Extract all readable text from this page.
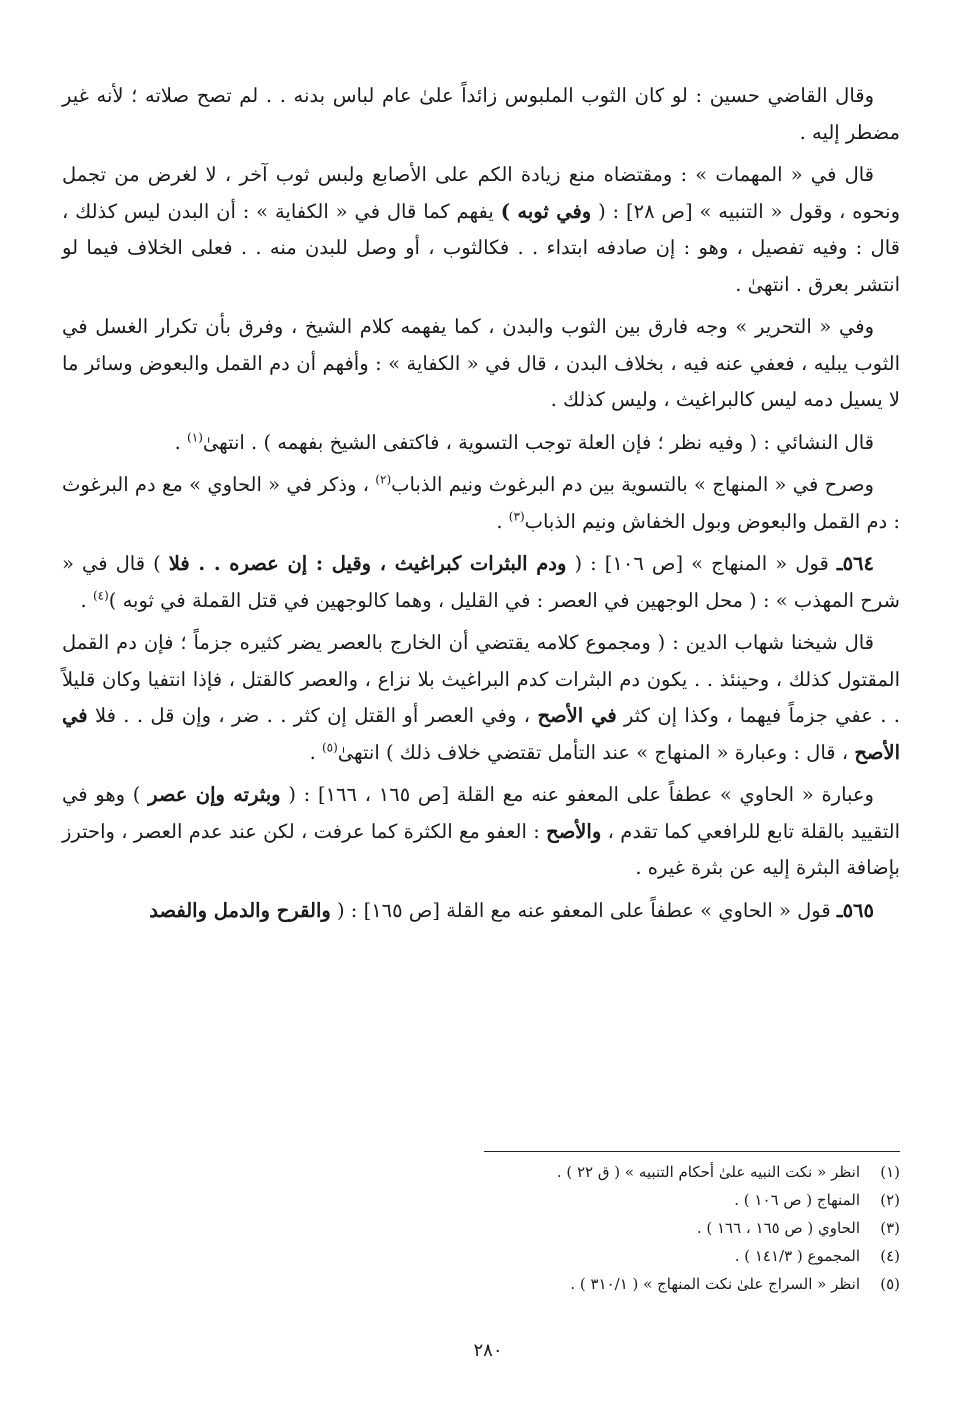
وقال القاضي حسين : لو كان الثوب الملبوس زائداً علىٰ عام لباس بدنه . . لم تصح صلاته ؛ لأنه غير مضطر إليه .

قال في « المهمات » : ومقتضاه منع زيادة الكم على الأصابع ولبس ثوب آخر ، لا لغرض من تجمل ونحوه ، وقول « التنبيه » [ص ٢٨] : ( وفي ثوبه ) يفهم كما قال في « الكفاية » : أن البدن ليس كذلك ، قال : وفيه تفصيل ، وهو : إن صادفه ابتداء . . فكالثوب ، أو وصل للبدن منه . . فعلى الخلاف فيما لو انتشر بعرق . انتهىٰ .

وفي « التحرير » وجه فارق بين الثوب والبدن ، كما يفهمه كلام الشيخ ، وفرق بأن تكرار الغسل في الثوب يبليه ، فعفي عنه فيه ، بخلاف البدن ، قال في « الكفاية » : وأفهم أن دم القمل والبعوض وسائر ما لا يسيل دمه ليس كالبراغيث ، وليس كذلك .

قال النشائي : ( وفيه نظر ؛ فإن العلة توجب التسوية ، فاكتفى الشيخ بفهمه ) . انتهىٰ$^{(١)}$ .

وصرح في « المنهاج » بالتسوية بين دم البرغوث ونيم الذباب$^{(٢)}$ ، وذكر في « الحاوي » مع دم البرغوث : دم القمل والبعوض وبول الخفاش ونيم الذباب$^{(٣)}$ .

٥٦٤ـ قول « المنهاج » [ص ١٠٦] : ( ودم البثرات كبراغيث ، وقيل : إن عصره . . فلا ) قال في « شرح المهذب » : ( محل الوجهين في العصر : في القليل ، وهما كالوجهين في قتل القملة في ثوبه )$^{(٤)}$ .

قال شيخنا شهاب الدين : ( ومجموع كلامه يقتضي أن الخارج بالعصر يضر كثيره جزماً ؛ فإن دم القمل المقتول كذلك ، وحينئذ . . يكون دم البثرات كدم البراغيث بلا نزاع ، والعصر كالقتل ، فإذا انتفيا وكان قليلاً . . عفي جزماً فيهما ، وكذا إن كثر في الأصح ، وفي العصر أو القتل إن كثر . . ضر ، وإن قل . . فلا في الأصح ، قال : وعبارة « المنهاج » عند التأمل تقتضي خلاف ذلك ) انتهىٰ$^{(٥)}$ .

وعبارة « الحاوي » عطفاً على المعفو عنه مع القلة [ص ١٦٥ ، ١٦٦] : ( وبثرته وإن عصر ) وهو في التقييد بالقلة تابع للرافعي كما تقدم ، والأصح : العفو مع الكثرة كما عرفت ، لكن عند عدم العصر ، واحترز بإضافة البثرة إليه عن بثرة غيره .

٥٦٥ـ قول « الحاوي » عطفاً على المعفو عنه مع القلة [ص ١٦٥] : ( والقرح والدمل والفصد

(١)
انظر « نكت النبيه علىٰ أحكام التنبيه » ( ق ٢٢ ) .
(٢)
المنهاج ( ص ١٠٦ ) .
(٣)
الحاوي ( ص ١٦٥ ، ١٦٦ ) .
(٤)
المجموع ( ١٤١/٣ ) .
(٥)
انظر « السراج علىٰ نكت المنهاج » ( ٣١٠/١ ) .
٢٨٠
